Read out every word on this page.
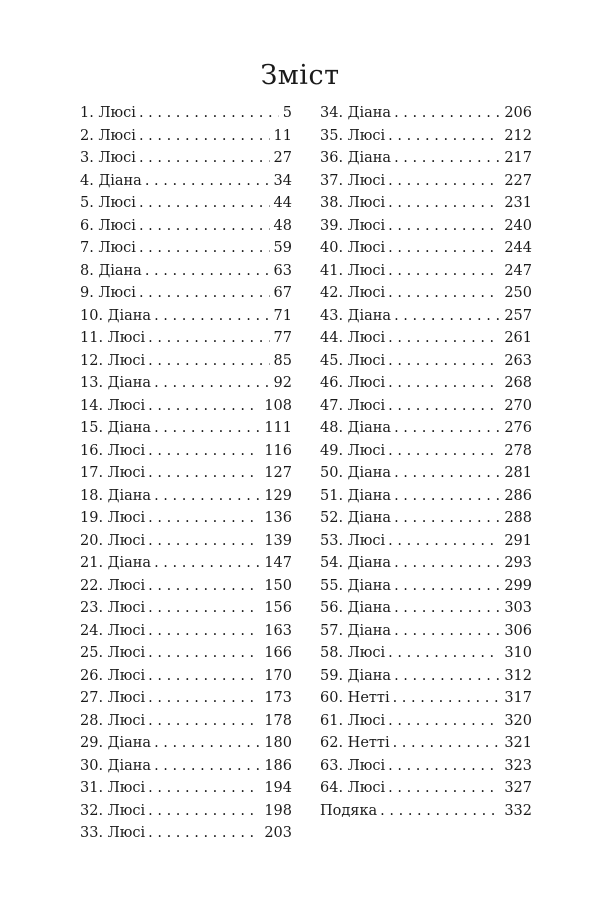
Зміст
1. Люсі . . .	5
2. Люсі . . .	11
3. Люсі . . .	27
4. Діана . . .	34
5. Люсі . . .	44
6. Люсі . . .	48
7. Люсі . . .	59
8. Діана . . .	63
9. Люсі . . .	67
10. Діана . . .	71
11. Люсі . . .	77
12. Люсі . . .	85
13. Діана . . .	92
14. Люсі . . .	108
15. Діана . . .	111
16. Люсі . . .	116
17. Люсі . . .	127
18. Діана . . .	129
19. Люсі . . .	136
20. Люсі . . .	139
21. Діана . . .	147
22. Люсі . . .	150
23. Люсі . . .	156
24. Люсі . . .	163
25. Люсі . . .	166
26. Люсі . . .	170
27. Люсі . . .	173
28. Люсі . . .	178
29. Діана . . .	180
30. Діана . . .	186
31. Люсі . . .	194
32. Люсі . . .	198
33. Люсі . . .	203
34. Діана . . .	206
35. Люсі . . .	212
36. Діана . . .	217
37. Люсі . . .	227
38. Люсі . . .	231
39. Люсі . . .	240
40. Люсі . . .	244
41. Люсі . . .	247
42. Люсі . . .	250
43. Діана . . .	257
44. Люсі . . .	261
45. Люсі . . .	263
46. Люсі . . .	268
47. Люсі . . .	270
48. Діана . . .	276
49. Люсі . . .	278
50. Діана . . .	281
51. Діана . . .	286
52. Діана . . .	288
53. Люсі . . .	291
54. Діана . . .	293
55. Діана . . .	299
56. Діана . . .	303
57. Діана . . .	306
58. Люсі . . .	310
59. Діана . . .	312
60. Нетті . . .	317
61. Люсі . . .	320
62. Нетті . . .	321
63. Люсі . . .	323
64. Люсі . . .	327
Подяка . . .	332
